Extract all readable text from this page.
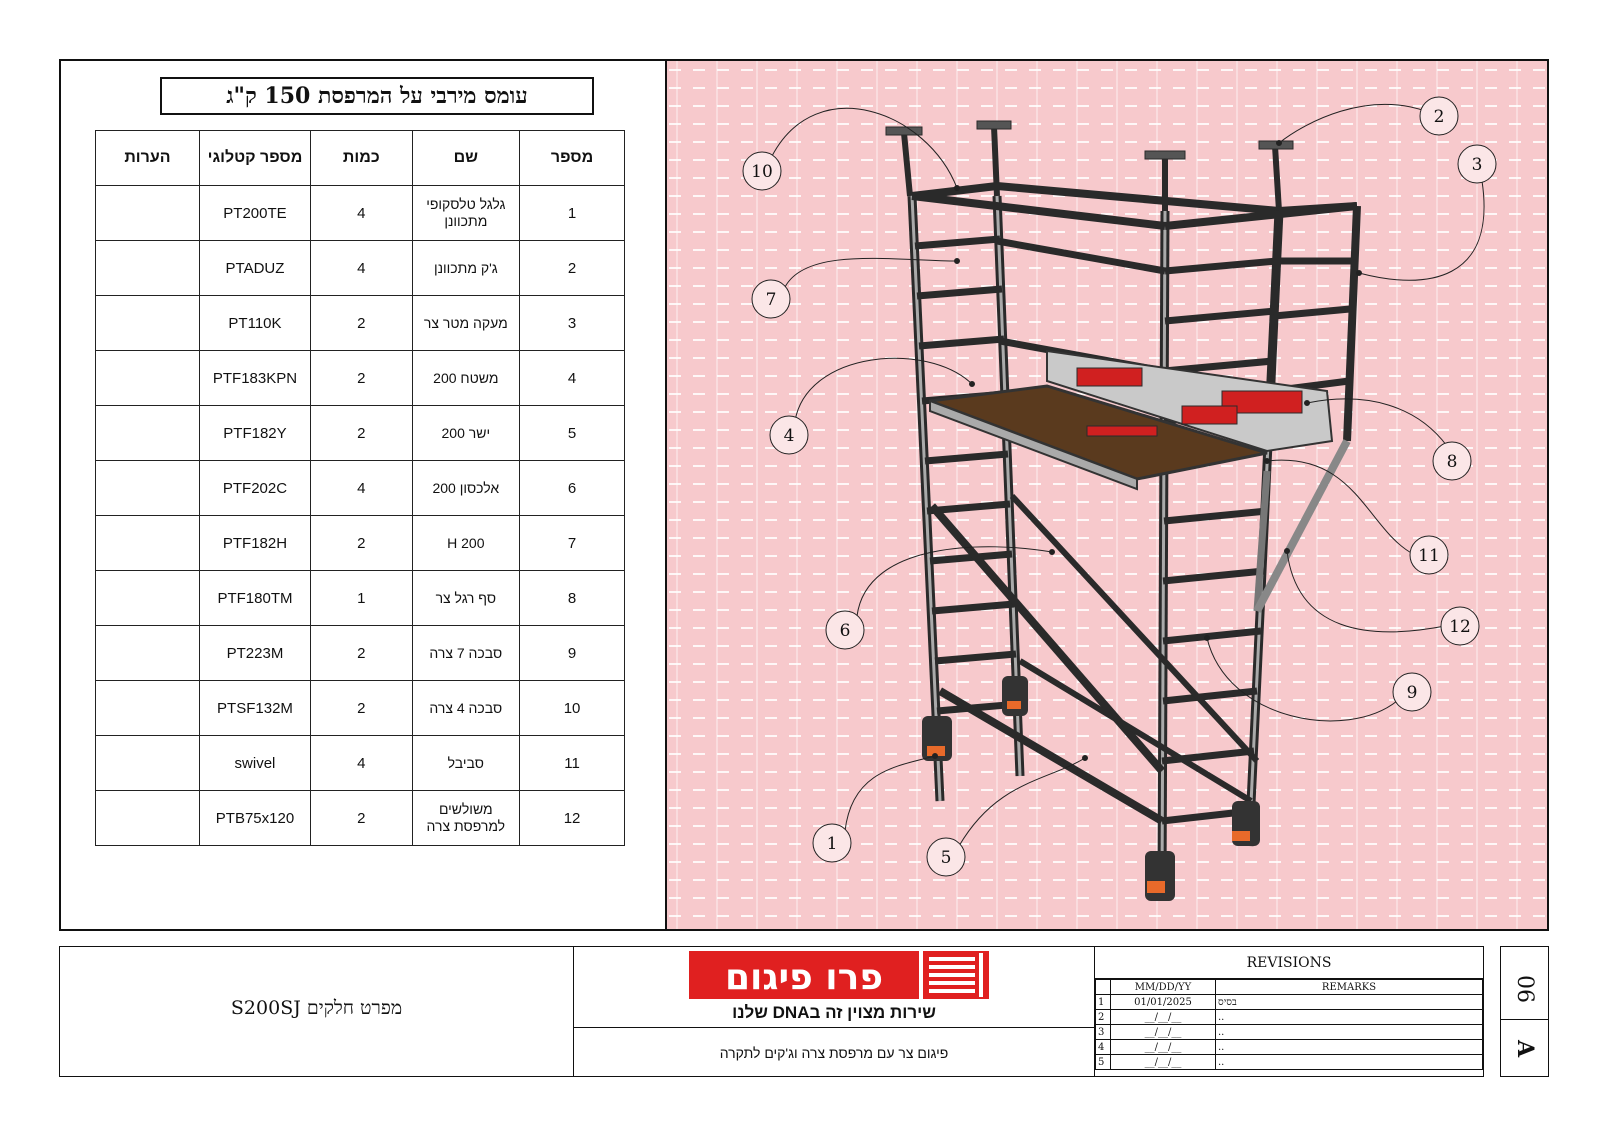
עומס מירבי על המרפסת 150 ק"ג
הערות	מספר קטלוגי	כמות	שם	מספר
	PT200TE	4	גלגל טלסקופי מתכוונן	1
	PTADUZ	4	ג'ק מתכוונן	2
	PT110K	2	מעקה מטר צר	3
	PTF183KPN	2	משטח 200	4
	PTF182Y	2	ישר 200	5
	PTF202C	4	אלכסון 200	6
	PTF182H	2	H 200	7
	PTF180TM	1	סף רגל צר	8
	PT223M	2	סבכה 7 צרה	9
	PTSF132M	2	סבכה 4 צרה	10
	swivel	4	סביבל	11
	PTB75x120	2	משולשים למרפסת צרה	12
1
2
3
4
5
6
7
8
9
10
11
12
S200SJ מפרט חלקים
פרו פיגום
שירות מצוין זה בDNA שלנו
פיגום צר עם מרפסת צרה וג'קים לתקרה
REVISIONS
	MM/DD/YY	REMARKS
1	01/01/2025	בסיס
2	__/__/__	..
3	__/__/__	..
4	__/__/__	..
5	__/__/__	..
06
A
